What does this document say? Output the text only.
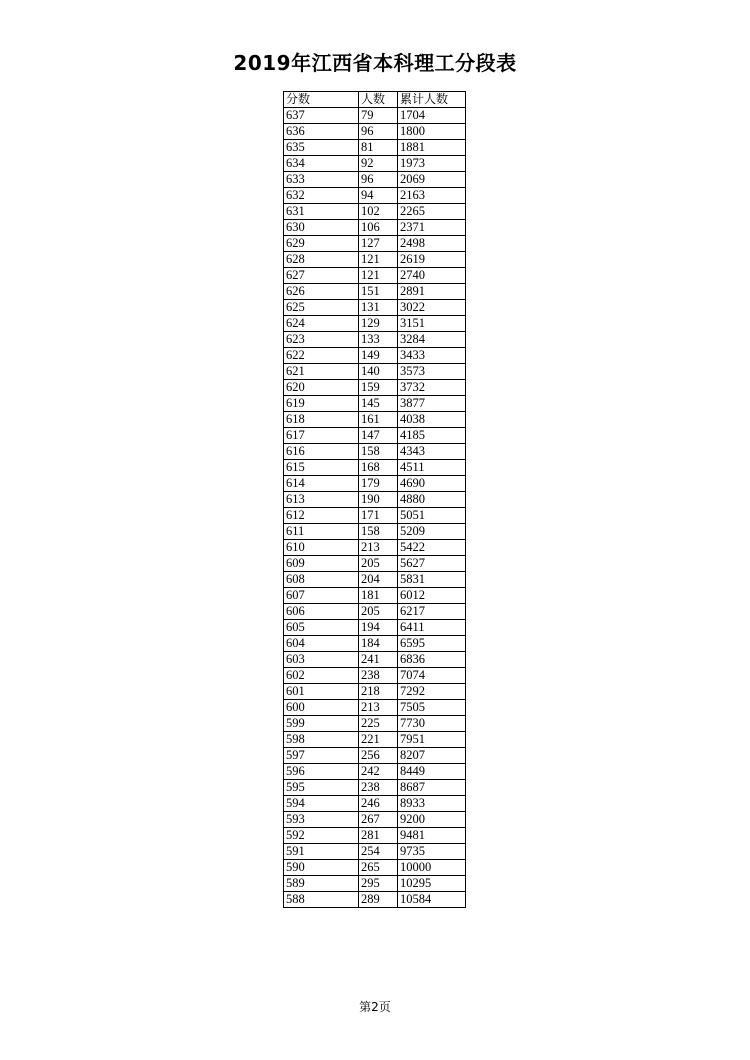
2019年江西省本科理工分段表
分数	人数	累计人数
637	79	1704
636	96	1800
635	81	1881
634	92	1973
633	96	2069
632	94	2163
631	102	2265
630	106	2371
629	127	2498
628	121	2619
627	121	2740
626	151	2891
625	131	3022
624	129	3151
623	133	3284
622	149	3433
621	140	3573
620	159	3732
619	145	3877
618	161	4038
617	147	4185
616	158	4343
615	168	4511
614	179	4690
613	190	4880
612	171	5051
611	158	5209
610	213	5422
609	205	5627
608	204	5831
607	181	6012
606	205	6217
605	194	6411
604	184	6595
603	241	6836
602	238	7074
601	218	7292
600	213	7505
599	225	7730
598	221	7951
597	256	8207
596	242	8449
595	238	8687
594	246	8933
593	267	9200
592	281	9481
591	254	9735
590	265	10000
589	295	10295
588	289	10584
第2页
